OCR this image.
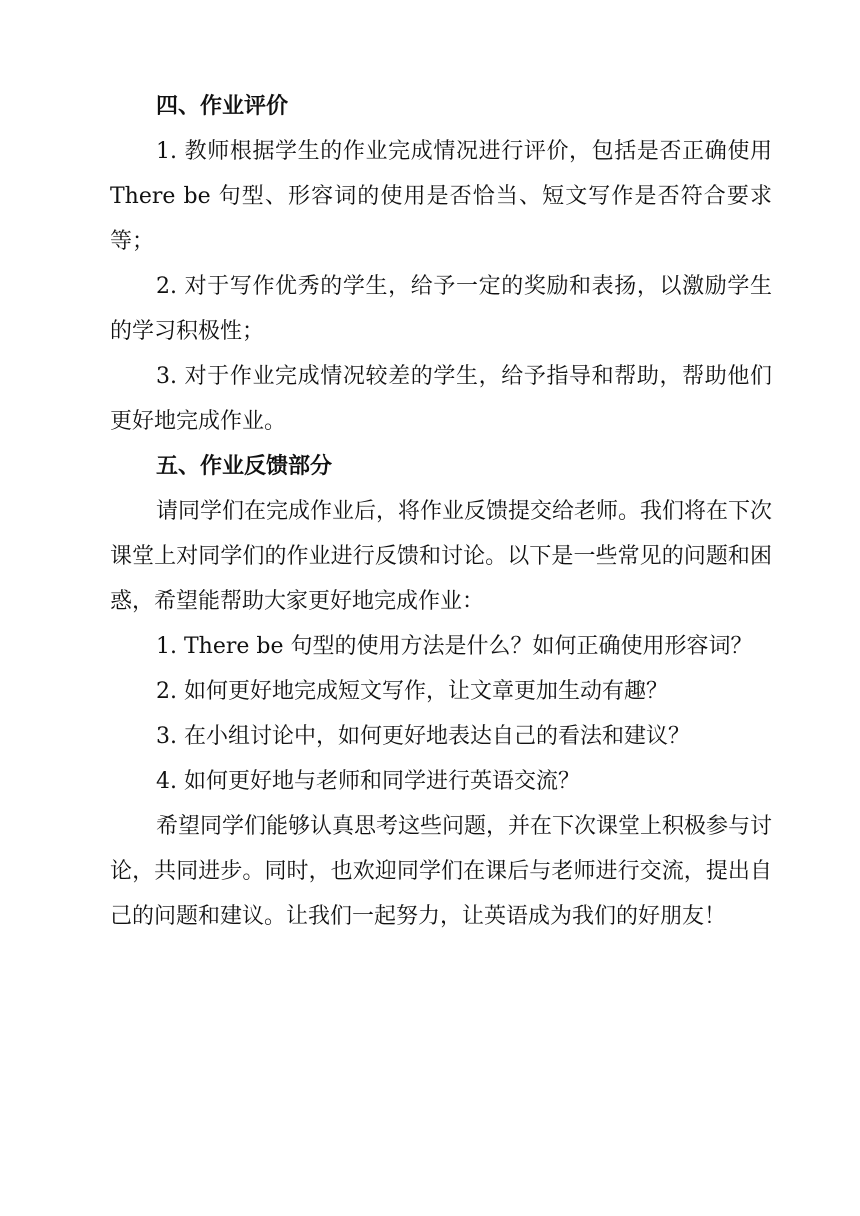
四、作业评价

1. 教师根据学生的作业完成情况进行评价，包括是否正确使用 There be 句型、形容词的使用是否恰当、短文写作是否符合要求等；

2. 对于写作优秀的学生，给予一定的奖励和表扬，以激励学生的学习积极性；

3. 对于作业完成情况较差的学生，给予指导和帮助，帮助他们更好地完成作业。

五、作业反馈部分

请同学们在完成作业后，将作业反馈提交给老师。我们将在下次课堂上对同学们的作业进行反馈和讨论。以下是一些常见的问题和困惑，希望能帮助大家更好地完成作业：

1. There be 句型的使用方法是什么？如何正确使用形容词？

2. 如何更好地完成短文写作，让文章更加生动有趣？

3. 在小组讨论中，如何更好地表达自己的看法和建议？

4. 如何更好地与老师和同学进行英语交流？

希望同学们能够认真思考这些问题，并在下次课堂上积极参与讨论，共同进步。同时，也欢迎同学们在课后与老师进行交流，提出自己的问题和建议。让我们一起努力，让英语成为我们的好朋友！
